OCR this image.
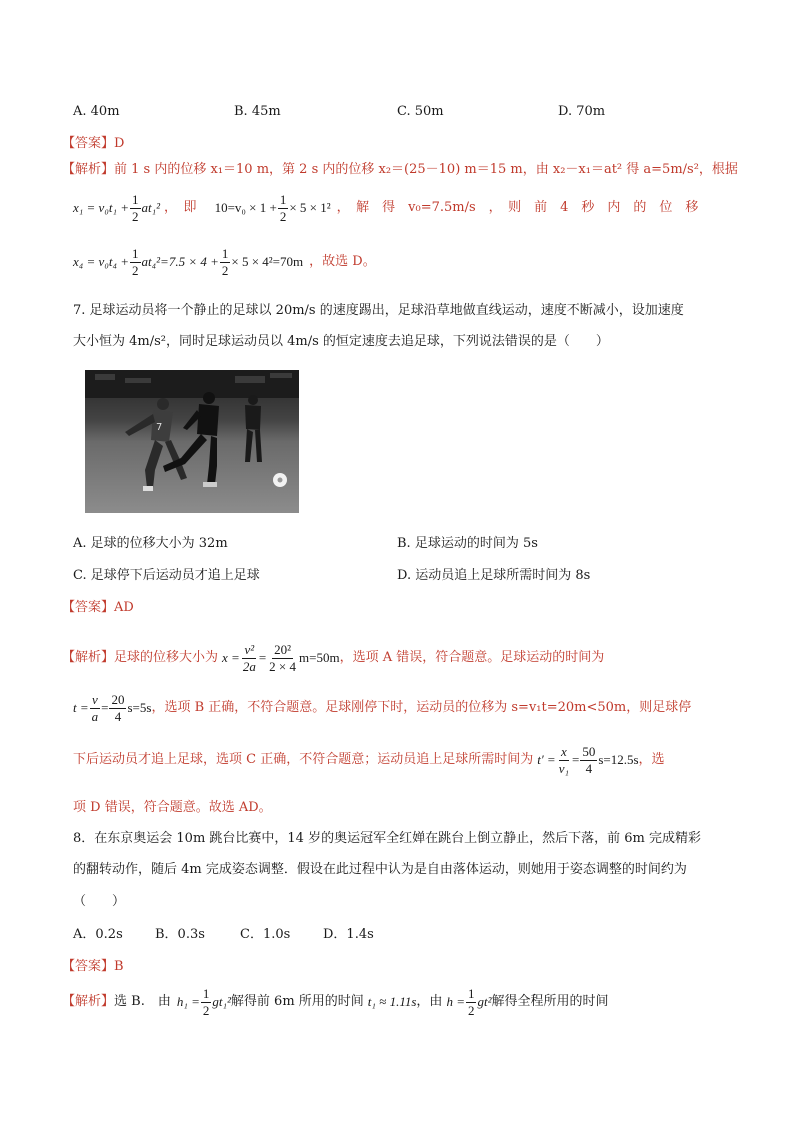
A. 40m	B. 45m	C. 50m	D. 70m
【答案】D
【解析】前 1 s 内的位移 x₁＝10 m，第 2 s 内的位移 x₂＝(25－10) m＝15 m，由 x₂－x₁＝at² 得 a=5m/s²，根据
$x_1 = v_0t_1 + \frac{1}{2} at_1^2$ ，　即 $10=v_0 \times 1 + \frac{1}{2} \times 5 \times 1^2$ ，　解　得　v₀=7.5m/s　，　则　前　4　秒　内　的　位　移
$x_4 = v_0t_4 + \frac{1}{2} at_4^2=7.5 \times 4 + \frac{1}{2} \times 5 \times 4^2=70m$ ，故选 D。
7. 足球运动员将一个静止的足球以 20m/s 的速度踢出，足球沿草地做直线运动，速度不断减小，设加速度
大小恒为 4m/s²，同时足球运动员以 4m/s 的恒定速度去追足球，下列说法错误的是（　　）
7
A. 足球的位移大小为 32m	B. 足球运动的时间为 5s
C. 足球停下后运动员才追上足球	D. 运动员追上足球所需时间为 8s
【答案】AD
【解析】 足球的位移大小为 $x = \frac{\text{v²}}{2a} = \frac{\text{20²}}{2 \times 4} m=50m$ ，选项 A 错误，符合题意。足球运动的时间为
$t = \frac{v}{a} = \frac{20}{4} s=5s$ ，选项 B 正确，不符合题意。足球刚停下时，运动员的位移为 s=v₁t=20m<50m，则足球停
下后运动员才追上足球，选项 C 正确，不符合题意；运动员追上足球所需时间为 $t' = \frac{x}{\text{v₁}} = \frac{50}{4} s=12.5s$ ，选
项 D 错误，符合题意。故选 AD。
8．在东京奥运会 10m 跳台比赛中，14 岁的奥运冠军全红婵在跳台上倒立静止，然后下落，前 6m 完成精彩
的翻转动作，随后 4m 完成姿态调整．假设在此过程中认为是自由落体运动，则她用于姿态调整的时间约为
（　　）
A．0.2s B．0.3s	C．1.0s	D．1.4s
【答案】B
【解析】 选 B.　由 $h_1 = \frac{1}{2} gt_1^2$ 解得前 6m 所用的时间 t₁ ≈ 1.11s ，由 $h = \frac{1}{2} gt^2$ 解得全程所用的时间
